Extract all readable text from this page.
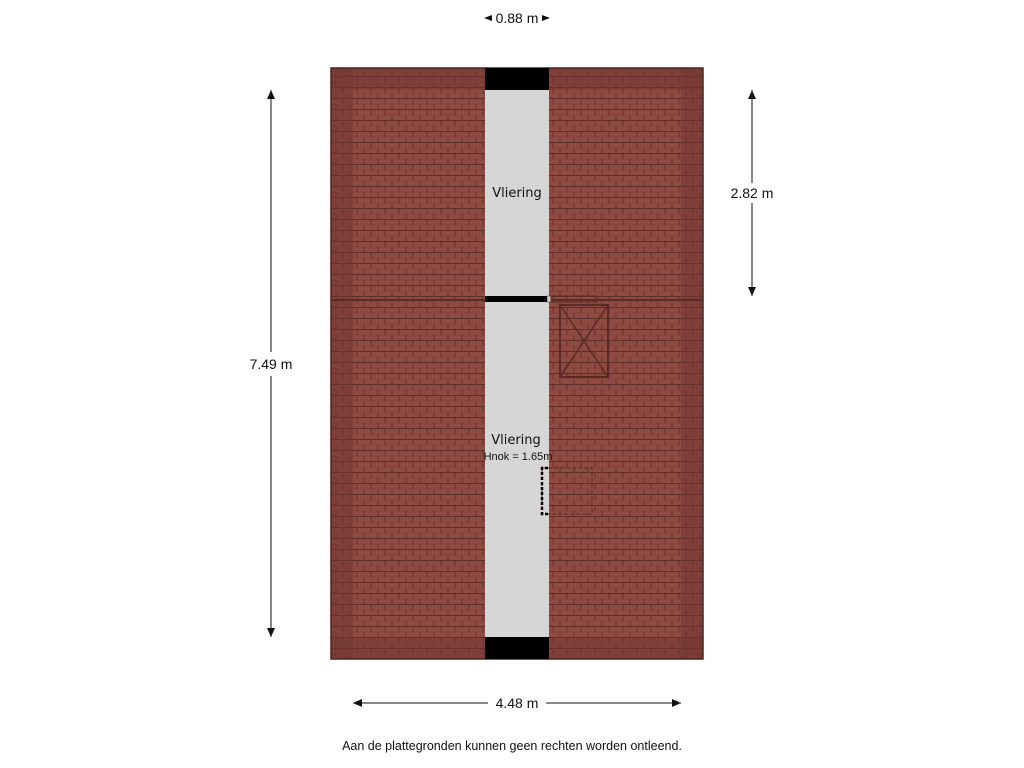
Vliering
Vliering
Hnok = 1.65m
0.88 m
7.49 m
2.82 m
4.48 m
Aan de plattegronden kunnen geen rechten worden ontleend.
